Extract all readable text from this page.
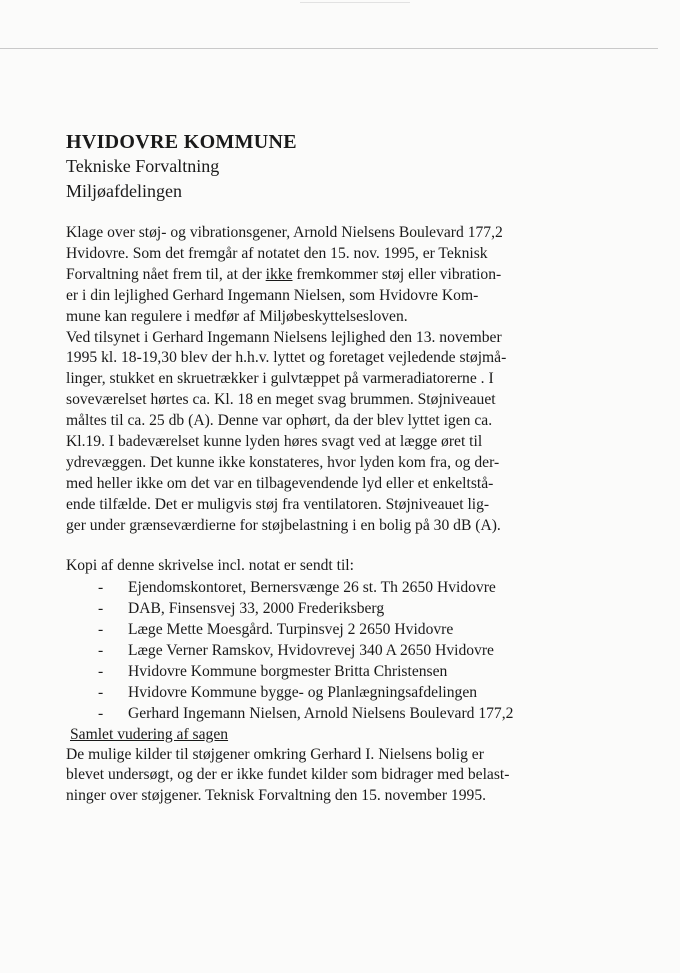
HVIDOVRE KOMMUNE
Tekniske Forvaltning
Miljøafdelingen
Klage over støj- og vibrationsgener, Arnold Nielsens Boulevard 177,2
Hvidovre. Som det fremgår af notatet den 15. nov. 1995, er Teknisk
Forvaltning nået frem til, at der ikke fremkommer støj eller vibration-
er i din lejlighed Gerhard Ingemann Nielsen, som Hvidovre Kom-
mune kan regulere i medfør af Miljøbeskyttelsesloven.
Ved tilsynet i Gerhard Ingemann Nielsens lejlighed den 13. november
1995 kl. 18-19,30 blev der h.h.v. lyttet og foretaget vejledende støjmå-
linger, stukket en skruetrækker i gulvtæppet på varmeradiatorerne . I
soveværelset hørtes ca. Kl. 18 en meget svag brummen. Støjniveauet
måltes til ca. 25 db (A). Denne var ophørt, da der blev lyttet igen ca.
Kl.19. I badeværelset kunne lyden høres svagt ved at lægge øret til
ydrevæggen. Det kunne ikke konstateres, hvor lyden kom fra, og der-
med heller ikke om det var en tilbagevendende lyd eller et enkeltstå-
ende tilfælde. Det er muligvis støj fra ventilatoren. Støjniveauet lig-
ger under grænseværdierne for støjbelastning i en bolig på 30 dB (A).
Kopi af denne skrivelse incl. notat er sendt til:
-	Ejendomskontoret, Bernersvænge 26 st. Th 2650 Hvidovre
-	DAB, Finsensvej 33, 2000 Frederiksberg
-	Læge Mette Moesgård. Turpinsvej 2 2650 Hvidovre
-	Læge Verner Ramskov, Hvidovrevej 340 A 2650 Hvidovre
-	Hvidovre Kommune borgmester Britta Christensen
-	Hvidovre Kommune bygge- og Planlægningsafdelingen
-	Gerhard Ingemann Nielsen, Arnold Nielsens Boulevard 177,2
Samlet vudering af sagen
De mulige kilder til støjgener omkring Gerhard I. Nielsens bolig er
blevet undersøgt, og der er ikke fundet kilder som bidrager med belast-
ninger over støjgener. Teknisk Forvaltning den 15. november 1995.
